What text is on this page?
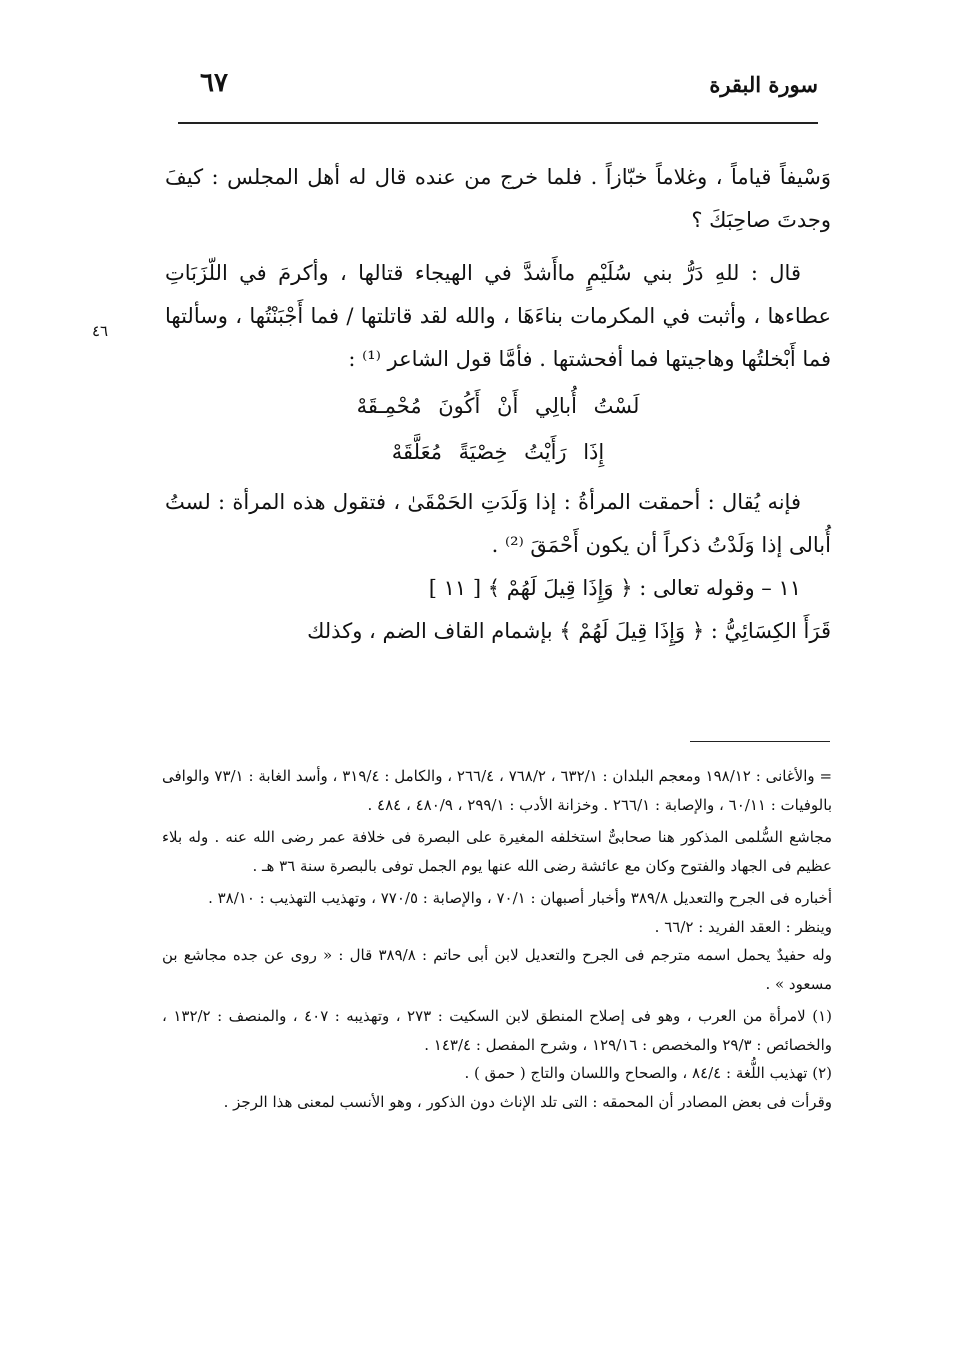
سورة البقرة
٦٧
٤٦

وَسْيفاً قياماً ، وغلاماً خبّازاً . فلما خرج من عنده قال له أهل المجلس : كيفَ وجدتَ صاحِبَكَ ؟

قال : للهِ دَرُّ بني سُلَيْمٍ ماأَشدَّ في الهيجاء قتالها ، وأكرمَ في اللّزَبَاتِ عطاءها ، وأثبت في المكرمات بناءَهَا ، والله لقد قاتلتها / فما أَجْبَنْتُها ، وسألتها فما أَبْخلتُها وهاجيتها فما أفحشتها . فأمَّا قول الشاعر ⁽¹⁾ :

لَسْتُ أُبالِي أَنْ أَكُونَ مُحْمِـقَهْ
إِذَا رَأَيْتُ خِصْيَةً مُعَلَّقَهْ

فإنه يُقال : أحمقت المرأةُ : إذا وَلَدَتِ الحَمْقَىٰ ، فتقول هذه المرأة : لستُ أُبالى إذا وَلَدْتُ ذكراً أن يكون أَحْمَقَ ⁽²⁾ .

١١ – وقوله تعالى : ﴿ وَإِذَا قِيلَ لَهُمْ ﴾ [ ١١ ]

قَرَأَ الكِسَائِيُّ : ﴿ وَإِذَا قِيلَ لَهُمْ ﴾ بإشمام القاف الضم ، وكذلك

= والأغانى : ١٩٨/١٢ ومعجم البلدان : ٦٣٢/١ ، ٧٦٨/٢ ، ٢٦٦/٤ ، والكامل : ٣١٩/٤ ، وأسد الغابة : ٧٣/١ والوافى بالوفيات : ٦٠/١١ ، والإصابة : ٢٦٦/١ . وخزانة الأدب : ٢٩٩/١ ، ٤٨٠/٩ ، ٤٨٤ .

مجاشع السُّلمى المذكور هنا صحابىٌّ استخلفه المغيرة على البصرة فى خلافة عمر رضى الله عنه . وله بلاء عظيم فى الجهاد والفتوح وكان مع عائشة رضى الله عنها يوم الجمل توفى بالبصرة سنة ٣٦ هـ .

أخباره فى الجرح والتعديل ٣٨٩/٨ وأخبار أصبهان : ٧٠/١ ، والإصابة : ٧٧٠/٥ ، وتهذيب التهذيب : ٣٨/١٠ .

وينظر : العقد الفريد : ٦٦/٢ .

وله حفيدٌ يحمل اسمه مترجم فى الجرح والتعديل لابن أبى حاتم : ٣٨٩/٨ قال : « روى عن جده مجاشع بن مسعود » .

(١) لامرأة من العرب ، وهو فى إصلاح المنطق لابن السكيت : ٢٧٣ ، وتهذيبه : ٤٠٧ ، والمنصف : ١٣٢/٢ ، والخصائص : ٢٩/٣ والمخصص : ١٢٩/١٦ ، وشرح المفصل : ١٤٣/٤ .

(٢) تهذيب اللُّغة : ٨٤/٤ ، والصحاح واللسان والتاج ( حمق ) .

وقرأت فى بعض المصادر أن المحمقه : التى تلد الإناث دون الذكور ، وهو الأنسب لمعنى هذا الرجز .
